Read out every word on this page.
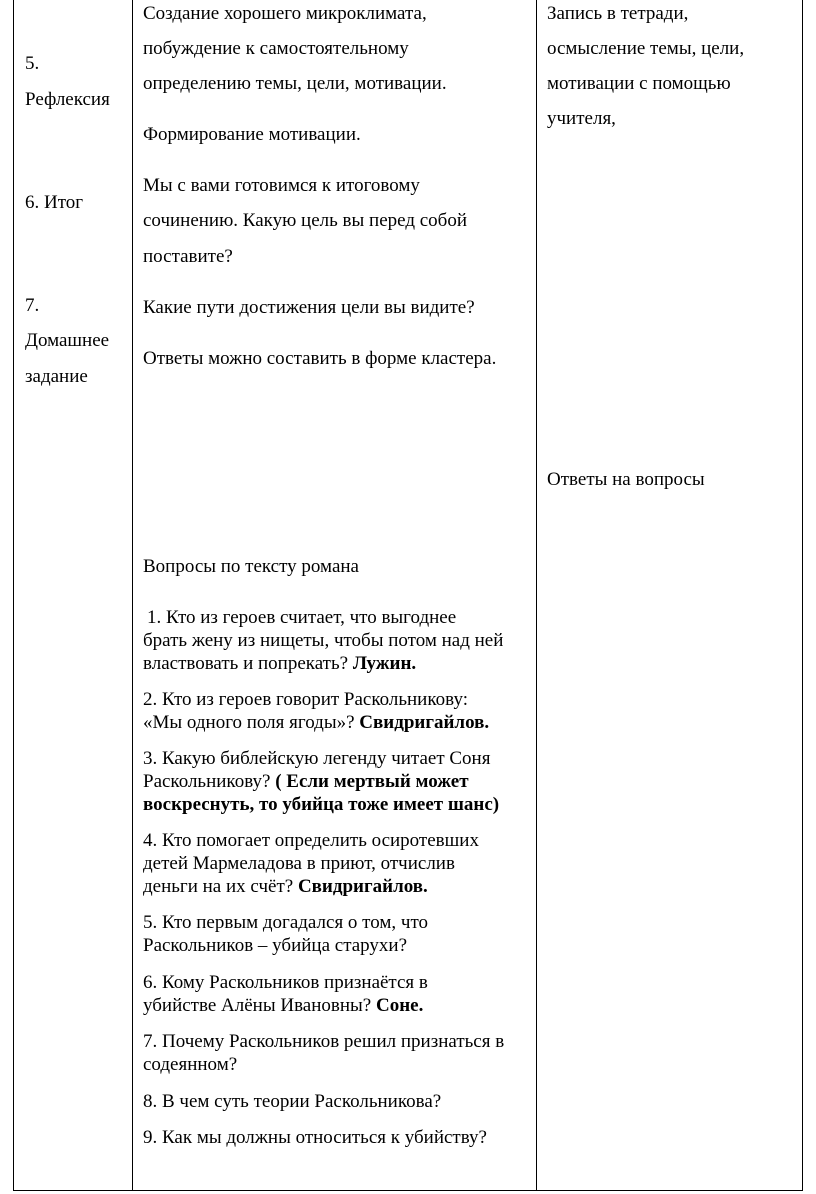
5.
Рефлексия
6. Итог
7.
Домашнее
задание
Создание хорошего микроклимата,
побуждение к самостоятельному
определению темы, цели, мотивации.
Формирование мотивации.
Мы с вами готовимся к итоговому
сочинению. Какую цель вы перед собой
поставите?
Какие пути достижения цели вы видите?
Ответы можно составить в форме кластера.
Вопросы по тексту романа
1. Кто из героев считает, что выгоднее
брать жену из нищеты, чтобы потом над ней
властвовать и попрекать? Лужин.
2. Кто из героев говорит Раскольникову:
«Мы одного поля ягоды»? Свидригайлов.
3. Какую библейскую легенду читает Соня
Раскольникову? ( Если мертвый может
воскреснуть, то убийца тоже имеет шанс)
4. Кто помогает определить осиротевших
детей Мармеладова в приют, отчислив
деньги на их счёт? Свидригайлов.
5. Кто первым догадался о том, что
Раскольников – убийца старухи?
6. Кому Раскольников признаётся в
убийстве Алёны Ивановны? Соне.
7. Почему Раскольников решил признаться в
содеянном?
8. В чем суть теории Раскольникова?
9. Как мы должны относиться к убийству?
Запись в тетради,
осмысление темы, цели,
мотивации с помощью
учителя,
Ответы на вопросы
